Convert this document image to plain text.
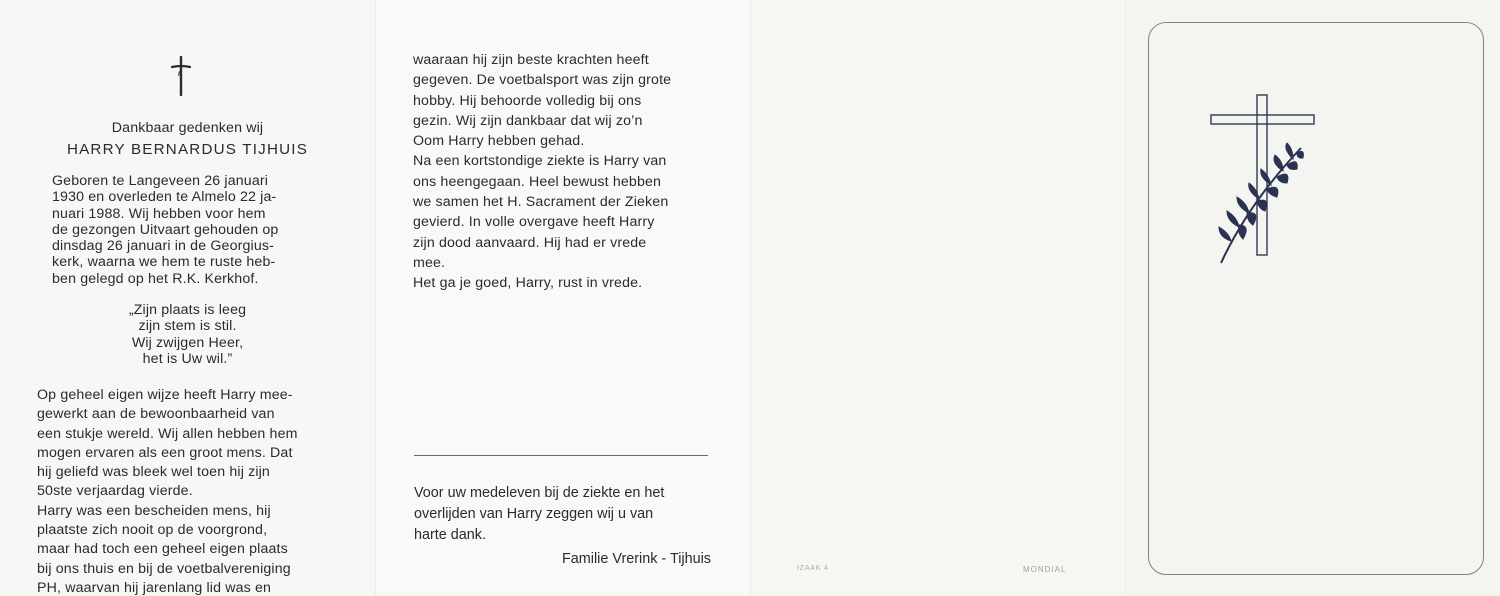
Dankbaar gedenken wij
HARRY BERNARDUS TIJHUIS

Geboren te Langeveen 26 januari

1930 en overleden te Almelo 22 ja-

nuari 1988. Wij hebben voor hem

de gezongen Uitvaart gehouden op

dinsdag 26 januari in de Georgius-

kerk, waarna we hem te ruste heb-

ben gelegd op het R.K. Kerkhof.

„Zijn plaats is leeg

zijn stem is stil.

Wij zwijgen Heer,

het is Uw wil.”

Op geheel eigen wijze heeft Harry mee-

gewerkt aan de bewoonbaarheid van

een stukje wereld. Wij allen hebben hem

mogen ervaren als een groot mens. Dat

hij geliefd was bleek wel toen hij zijn

50ste verjaardag vierde.

Harry was een bescheiden mens, hij

plaatste zich nooit op de voorgrond,

maar had toch een geheel eigen plaats

bij ons thuis en bij de voetbalvereniging

PH, waarvan hij jarenlang lid was en

waaraan hij zijn beste krachten heeft

gegeven. De voetbalsport was zijn grote

hobby. Hij behoorde volledig bij ons

gezin. Wij zijn dankbaar dat wij zo’n

Oom Harry hebben gehad.

Na een kortstondige ziekte is Harry van

ons heengegaan. Heel bewust hebben

we samen het H. Sacrament der Zieken

gevierd. In volle overgave heeft Harry

zijn dood aanvaard. Hij had er vrede

mee.

Het ga je goed, Harry, rust in vrede.

Voor uw medeleven bij de ziekte en het

overlijden van Harry zeggen wij u van

harte dank.

Familie Vrerink - Tijhuis
IZAAK 4	MONDIAL
